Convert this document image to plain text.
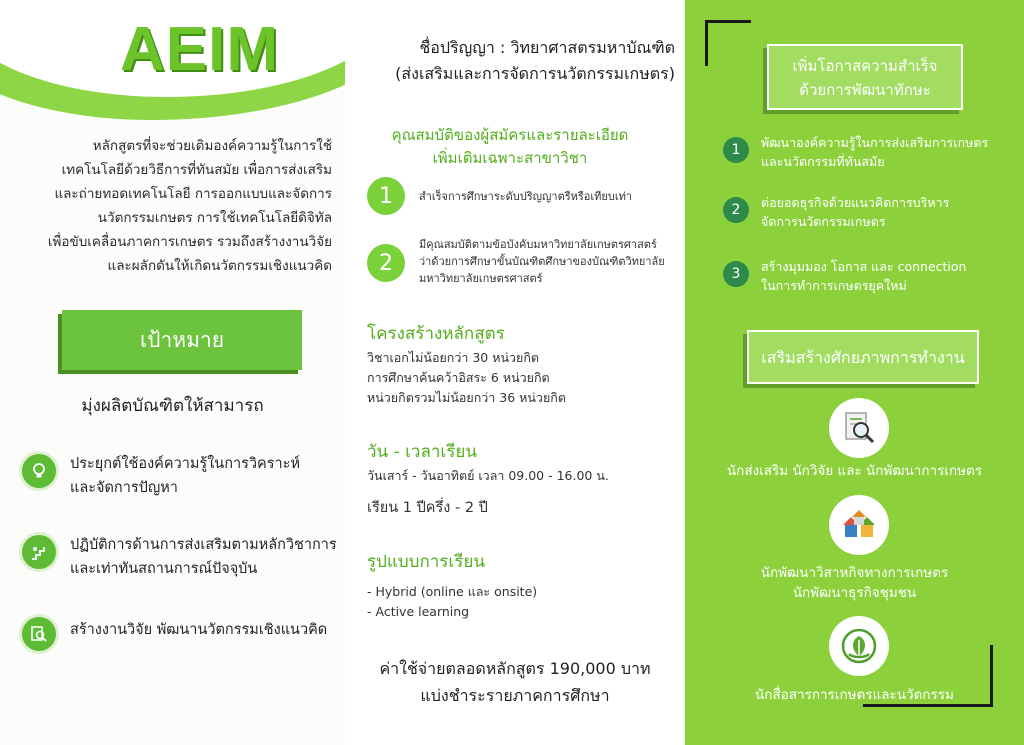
AEIM
หลักสูตรที่จะช่วยเติมองค์ความรู้ในการใช้
เทคโนโลยีด้วยวิธีการที่ทันสมัย เพื่อการส่งเสริม
และถ่ายทอดเทคโนโลยี การออกแบบและจัดการ
นวัตกรรมเกษตร การใช้เทคโนโลยีดิจิทัล
เพื่อขับเคลื่อนภาคการเกษตร รวมถึงสร้างงานวิจัย
และผลักดันให้เกิดนวัตกรรมเชิงแนวคิด
เป้าหมาย
มุ่งผลิตบัณฑิตให้สามารถ
ประยุกต์ใช้องค์ความรู้ในการวิคราะห์
และจัดการปัญหา
ปฏิบัติการด้านการส่งเสริมตามหลักวิชาการ
และเท่าทันสถานการณ์ปัจจุบัน
สร้างงานวิจัย พัฒนานวัตกรรมเชิงแนวคิด
ชื่อปริญญา : วิทยาศาสตรมหาบัณฑิต
(ส่งเสริมและการจัดการนวัตกรรมเกษตร)
คุณสมบัติของผู้สมัครและรายละเอียด
เพิ่มเติมเฉพาะสาขาวิชา
1	สำเร็จการศึกษาระดับปริญญาตรีหรือเทียบเท่า
2
มีคุณสมบัติตามข้อบังคับมหาวิทยาลัยเกษตรศาสตร์
ว่าด้วยการศึกษาขั้นบัณฑิตศึกษาของบัณฑิตวิทยาลัย
มหาวิทยาลัยเกษตรศาสตร์
โครงสร้างหลักสูตร
วิชาเอกไม่น้อยกว่า 30 หน่วยกิต
การศึกษาค้นคว้าอิสระ 6 หน่วยกิต
หน่วยกิตรวมไม่น้อยกว่า 36 หน่วยกิต
วัน - เวลาเรียน
วันเสาร์ - วันอาทิตย์ เวลา 09.00 - 16.00 น.
เรียน 1 ปีครึ่ง - 2 ปี
รูปแบบการเรียน
- Hybrid (online และ onsite)
- Active learning
ค่าใช้จ่ายตลอดหลักสูตร 190,000 บาท
แบ่งชำระรายภาคการศึกษา
เพิ่มโอกาสความสำเร็จ
ด้วยการพัฒนาทักษะ
1	พัฒนาองค์ความรู้ในการส่งเสริมการเกษตร
และนวัตกรรมที่ทันสมัย
2	ต่อยอดธุรกิจด้วยแนวคิดการบริหาร
จัดการนวัตกรรมเกษตร
3	สร้างมุมมอง โอกาส และ connection
ในการทำการเกษตรยุคใหม่
เสริมสร้างศักยภาพการทำงาน
นักส่งเสริม นักวิจัย และ นักพัฒนาการเกษตร
นักพัฒนาวิสาหกิจทางการเกษตร
นักพัฒนาธุรกิจชุมชน
นักสื่อสารการเกษตรและนวัตกรรม
